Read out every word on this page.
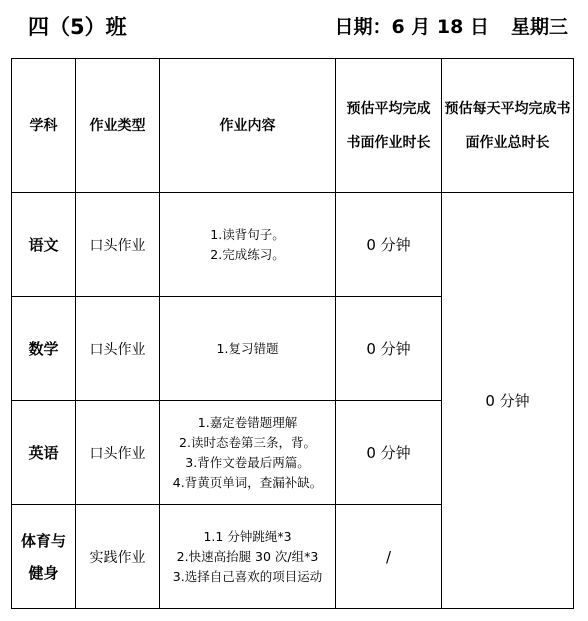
四（5）班	日期：6 月 18 日 星期三
学科	作业类型	作业内容	预估平均完成书面作业时长	预估每天平均完成书面作业总时长
语文	口头作业	1.读背句子。
2.完成练习。	0 分钟	0 分钟
数学	口头作业	1.复习错题	0 分钟	
英语	口头作业	1.嘉定卷错题理解
2.读时态卷第三条，背。
3.背作文卷最后两篇。
4.背黄页单词，查漏补缺。	0 分钟	
体育与健身	实践作业	1.1 分钟跳绳*3
2.快速高抬腿 30 次/组*3
3.选择自己喜欢的项目运动	/	
